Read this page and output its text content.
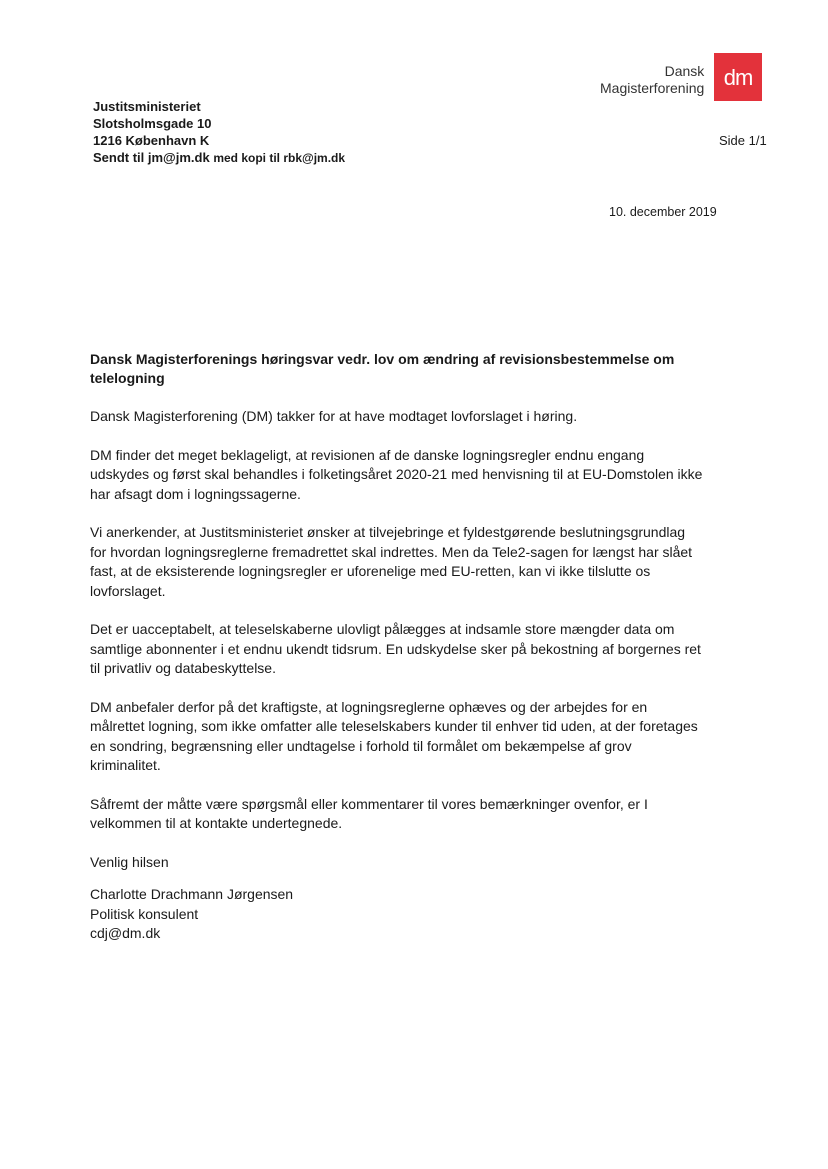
Dansk
Magisterforening dm
Justitsministeriet
Slotsholmsgade 10
1216 København K
Sendt til jm@jm.dk med kopi til rbk@jm.dk
Side 1/1
10. december 2019
Dansk Magisterforenings høringsvar vedr. lov om ændring af revisionsbestemmelse om telelogning
Dansk Magisterforening (DM) takker for at have modtaget lovforslaget i høring.
DM finder det meget beklageligt, at revisionen af de danske logningsregler endnu engang
udskydes og først skal behandles i folketingsåret 2020-21 med henvisning til at EU-Domstolen ikke
har afsagt dom i logningssagerne.
Vi anerkender, at Justitsministeriet ønsker at tilvejebringe et fyldestgørende beslutningsgrundlag
for hvordan logningsreglerne fremadrettet skal indrettes. Men da Tele2-sagen for længst har slået
fast, at de eksisterende logningsregler er uforenelige med EU-retten, kan vi ikke tilslutte os
lovforslaget.
Det er uacceptabelt, at teleselskaberne ulovligt pålægges at indsamle store mængder data om
samtlige abonnenter i et endnu ukendt tidsrum. En udskydelse sker på bekostning af borgernes ret
til privatliv og databeskyttelse.
DM anbefaler derfor på det kraftigste, at logningsreglerne ophæves og der arbejdes for en
målrettet logning, som ikke omfatter alle teleselskabers kunder til enhver tid uden, at der foretages
en sondring, begrænsning eller undtagelse i forhold til formålet om bekæmpelse af grov
kriminalitet.
Såfremt der måtte være spørgsmål eller kommentarer til vores bemærkninger ovenfor, er I
velkommen til at kontakte undertegnede.
Venlig hilsen
Charlotte Drachmann Jørgensen
Politisk konsulent
cdj@dm.dk
